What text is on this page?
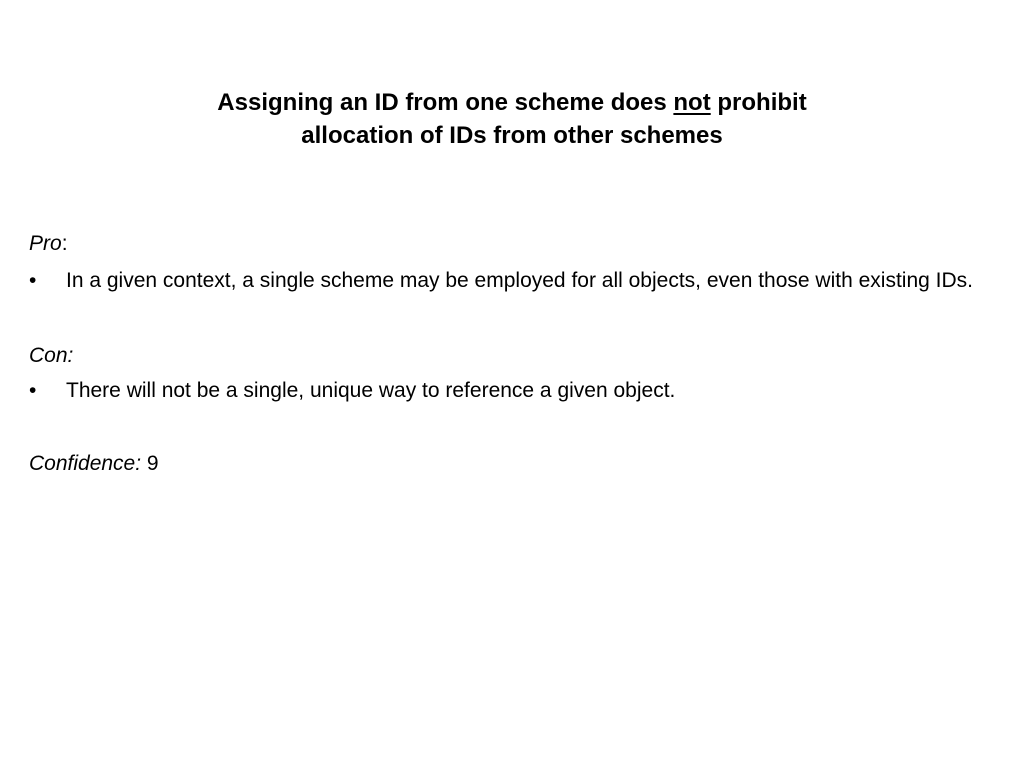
Assigning an ID from one scheme does not prohibit
allocation of IDs from other schemes
Pro:
•	In a given context, a single scheme may be employed for all objects, even those with existing IDs.
Con:
•	There will not be a single, unique way to reference a given object.
Confidence: 9
